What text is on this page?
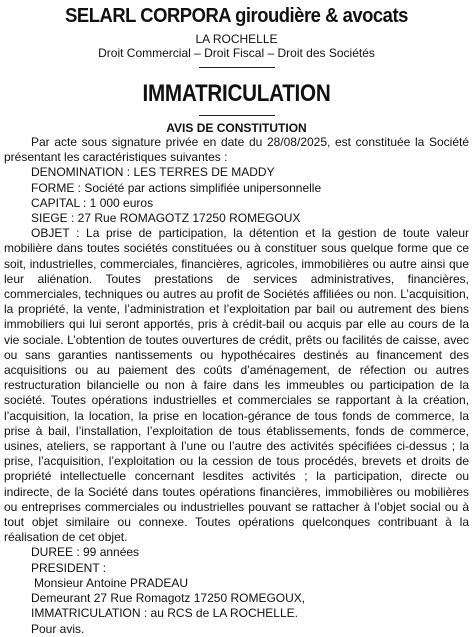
SELARL CORPORA giroudière & avocats
LA ROCHELLE
Droit Commercial – Droit Fiscal – Droit des Sociétés
IMMATRICULATION
AVIS DE CONSTITUTION

Par acte sous signature privée en date du 28/08/2025, est constituée la Société présentant les caractéristiques suivantes :

DENOMINATION : LES TERRES DE MADDY

FORME : Société par actions simplifiée unipersonnelle

CAPITAL : 1 000 euros

SIEGE : 27 Rue ROMAGOTZ 17250 ROMEGOUX

OBJET : La prise de participation, la détention et la gestion de toute valeur mobilière dans toutes sociétés constituées ou à constituer sous quelque forme que ce soit, industrielles, commerciales, financières, agricoles, immobilières ou autre ainsi que leur aliénation. Toutes prestations de services administratives, financières, commerciales, techniques ou autres au profit de Sociétés affiliées ou non. L’acquisition, la propriété, la vente, l’administration et l’exploitation par bail ou autrement des biens immobiliers qui lui seront apportés, pris à crédit-bail ou acquis par elle au cours de la vie sociale. L’obtention de toutes ouvertures de crédit, prêts ou facilités de caisse, avec ou sans garanties nantissements ou hypothécaires destinés au financement des acquisitions ou au paiement des coûts d’aménagement, de réfection ou autres restructuration bilancielle ou non à faire dans les immeubles ou participation de la société. Toutes opérations industrielles et commerciales se rapportant à la création, l’acquisition, la location, la prise en location-gérance de tous fonds de commerce, la prise à bail, l’installation, l’exploitation de tous établissements, fonds de commerce, usines, ateliers, se rapportant à l’une ou l’autre des activités spécifiées ci-dessus ; la prise, l’acquisition, l’exploitation ou la cession de tous procédés, brevets et droits de propriété intellectuelle concernant lesdites activités ; la participation, directe ou indirecte, de la Société dans toutes opérations financières, immobilières ou mobilières ou entreprises commerciales ou industrielles pouvant se rattacher à l’objet social ou à tout objet similaire ou connexe. Toutes opérations quelconques contribuant à la réalisation de cet objet.

DUREE : 99 années

PRESIDENT :

Monsieur Antoine PRADEAU

Demeurant 27 Rue Romagotz 17250 ROMEGOUX,

IMMATRICULATION : au RCS de LA ROCHELLE.

Pour avis.
